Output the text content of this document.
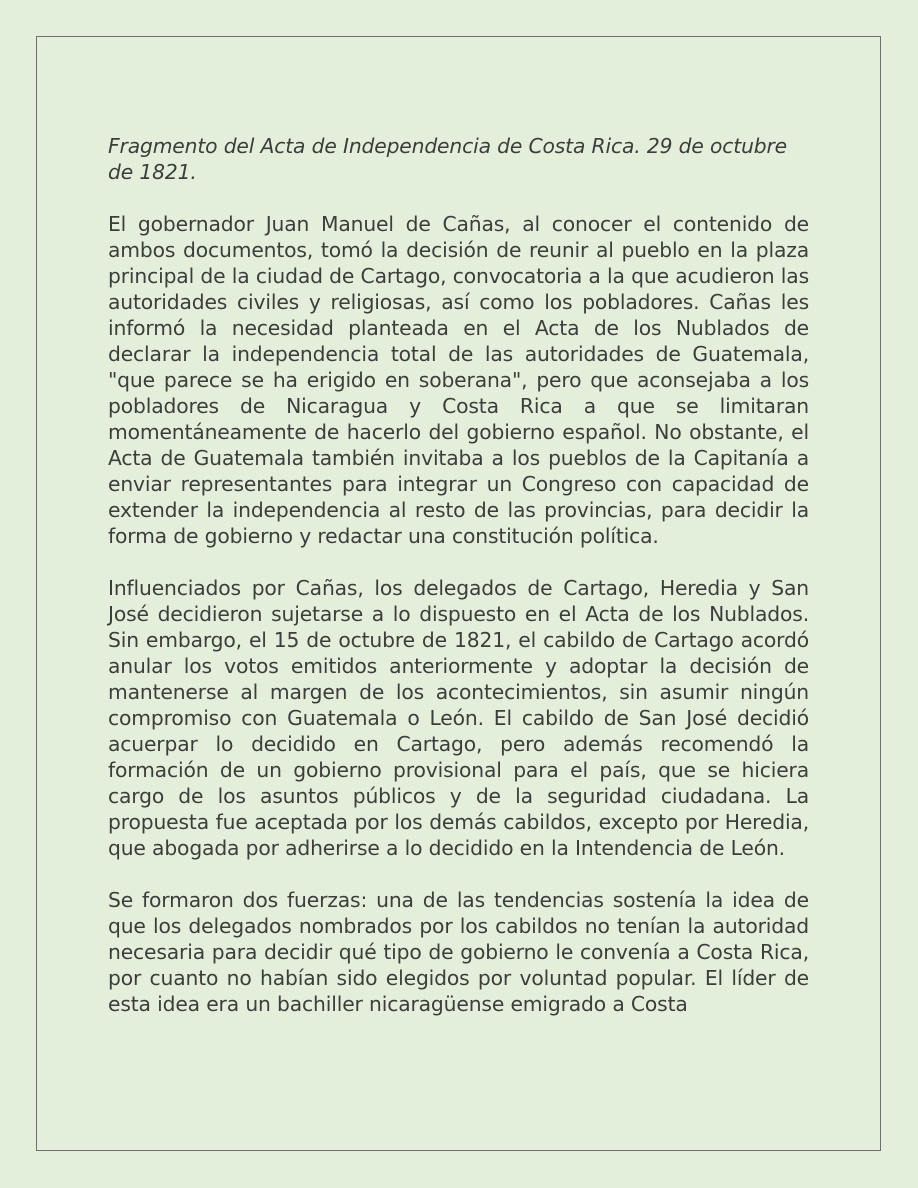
Fragmento del Acta de Independencia de Costa Rica. 29 de octubre de 1821.

El gobernador Juan Manuel de Cañas, al conocer el contenido de ambos documentos, tomó la decisión de reunir al pueblo en la plaza principal de la ciudad de Cartago, convocatoria a la que acudieron las autoridades civiles y religiosas, así como los pobladores. Cañas les informó la necesidad planteada en el Acta de los Nublados de declarar la independencia total de las autoridades de Guatemala, "que parece se ha erigido en soberana", pero que aconsejaba a los pobladores de Nicaragua y Costa Rica a que se limitaran momentáneamente de hacerlo del gobierno español. No obstante, el Acta de Guatemala también invitaba a los pueblos de la Capitanía a enviar representantes para integrar un Congreso con capacidad de extender la independencia al resto de las provincias, para decidir la forma de gobierno y redactar una constitución política.

Influenciados por Cañas, los delegados de Cartago, Heredia y San José decidieron sujetarse a lo dispuesto en el Acta de los Nublados. Sin embargo, el 15 de octubre de 1821, el cabildo de Cartago acordó anular los votos emitidos anteriormente y adoptar la decisión de mantenerse al margen de los acontecimientos, sin asumir ningún compromiso con Guatemala o León. El cabildo de San José decidió acuerpar lo decidido en Cartago, pero además recomendó la formación de un gobierno provisional para el país, que se hiciera cargo de los asuntos públicos y de la seguridad ciudadana. La propuesta fue aceptada por los demás cabildos, excepto por Heredia, que abogada por adherirse a lo decidido en la Intendencia de León.

Se formaron dos fuerzas: una de las tendencias sostenía la idea de que los delegados nombrados por los cabildos no tenían la autoridad necesaria para decidir qué tipo de gobierno le convenía a Costa Rica, por cuanto no habían sido elegidos por voluntad popular. El líder de esta idea era un bachiller nicaragüense emigrado a Costa
